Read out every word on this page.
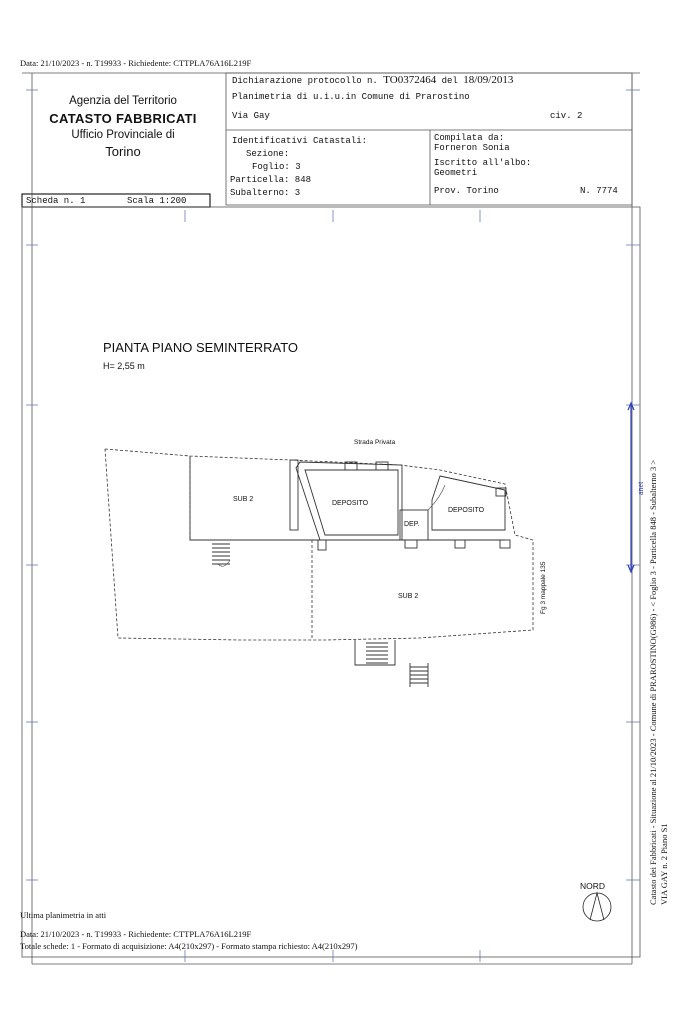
Data: 21/10/2023 - n. T19933 - Richiedente: CTTPLA76A16L219F
Agenzia del Territorio
CATASTO FABBRICATI
Ufficio Provinciale di
Torino
Dichiarazione protocollo n. TO0372464 del 18/09/2013
Planimetria di u.i.u.in Comune di Prarostino
Via Gay	civ. 2
Identificativi Catastali:
Sezione:
Foglio: 3
Particella: 848
Subalterno: 3
Compilata da:
Forneron Sonia
Iscritto all'albo:
Geometri
Prov. Torino	N. 7774
Scheda n. 1	Scala 1:200
PIANTA PIANO SEMINTERRATO
H= 2,55 m
Strada Privata
SUB 2
DEPOSITO
DEP.
DEPOSITO
SUB 2	Fg 3 mappale 135
NORD	Catasto dei Fabbricati - Situazione al 21/10/2023 - Comune di PRAROSTINO(G986) - < Foglio 3 - Particella 848 - Subalterno 3 > VIA GAY n. 2 Piano S1
anet
Ultima planimetria in atti
Data: 21/10/2023 - n. T19933 - Richiedente: CTTPLA76A16L219F
Totale schede: 1 - Formato di acquisizione: A4(210x297) - Formato stampa richiesto: A4(210x297)
